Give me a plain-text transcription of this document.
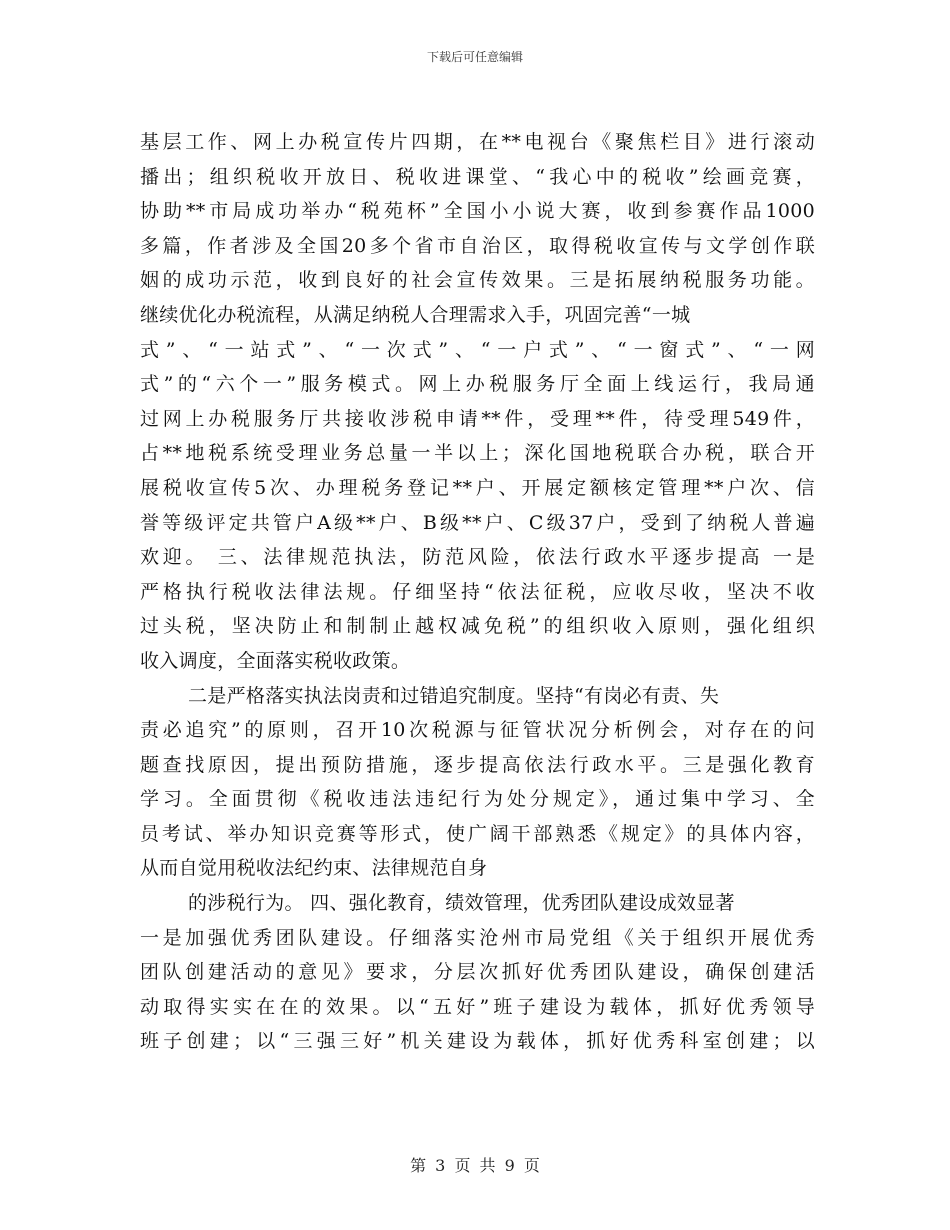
下载后可任意编辑
基层工作、网上办税宣传片四期，在**电视台《聚焦栏目》进行滚动
播出；组织税收开放日、税收进课堂、“我心中的税收”绘画竞赛，
协助**市局成功举办“税苑杯”全国小小说大赛，收到参赛作品1000
多篇，作者涉及全国20多个省市自治区，取得税收宣传与文学创作联
姻的成功示范，收到良好的社会宣传效果。三是拓展纳税服务功能。
继续优化办税流程，从满足纳税人合理需求入手，巩固完善“一城
式”、“一站式”、“一次式”、“一户式”、“一窗式”、“一网
式”的“六个一”服务模式。网上办税服务厅全面上线运行，我局通
过网上办税服务厅共接收涉税申请**件，受理**件，待受理549件，
占**地税系统受理业务总量一半以上；深化国地税联合办税，联合开
展税收宣传5次、办理税务登记**户、开展定额核定管理**户次、信
誉等级评定共管户A级**户、B级**户、C级37户，受到了纳税人普遍
欢迎。 三、法律规范执法，防范风险，依法行政水平逐步提高 一是
严格执行税收法律法规。仔细坚持“依法征税，应收尽收，坚决不收
过头税，坚决防止和制制止越权减免税”的组织收入原则，强化组织
收入调度，全面落实税收政策。
二是严格落实执法岗责和过错追究制度。坚持“有岗必有责、失
责必追究”的原则，召开10次税源与征管状况分析例会，对存在的问
题查找原因，提出预防措施，逐步提高依法行政水平。三是强化教育
学习。全面贯彻《税收违法违纪行为处分规定》，通过集中学习、全
员考试、举办知识竞赛等形式，使广阔干部熟悉《规定》的具体内容，
从而自觉用税收法纪约束、法律规范自身
的涉税行为。 四、强化教育，绩效管理，优秀团队建设成效显著
一是加强优秀团队建设。仔细落实沧州市局党组《关于组织开展优秀
团队创建活动的意见》要求，分层次抓好优秀团队建设，确保创建活
动取得实实在在的效果。以“五好”班子建设为载体，抓好优秀领导
班子创建；以“三强三好”机关建设为载体，抓好优秀科室创建；以
第 3 页 共 9 页
